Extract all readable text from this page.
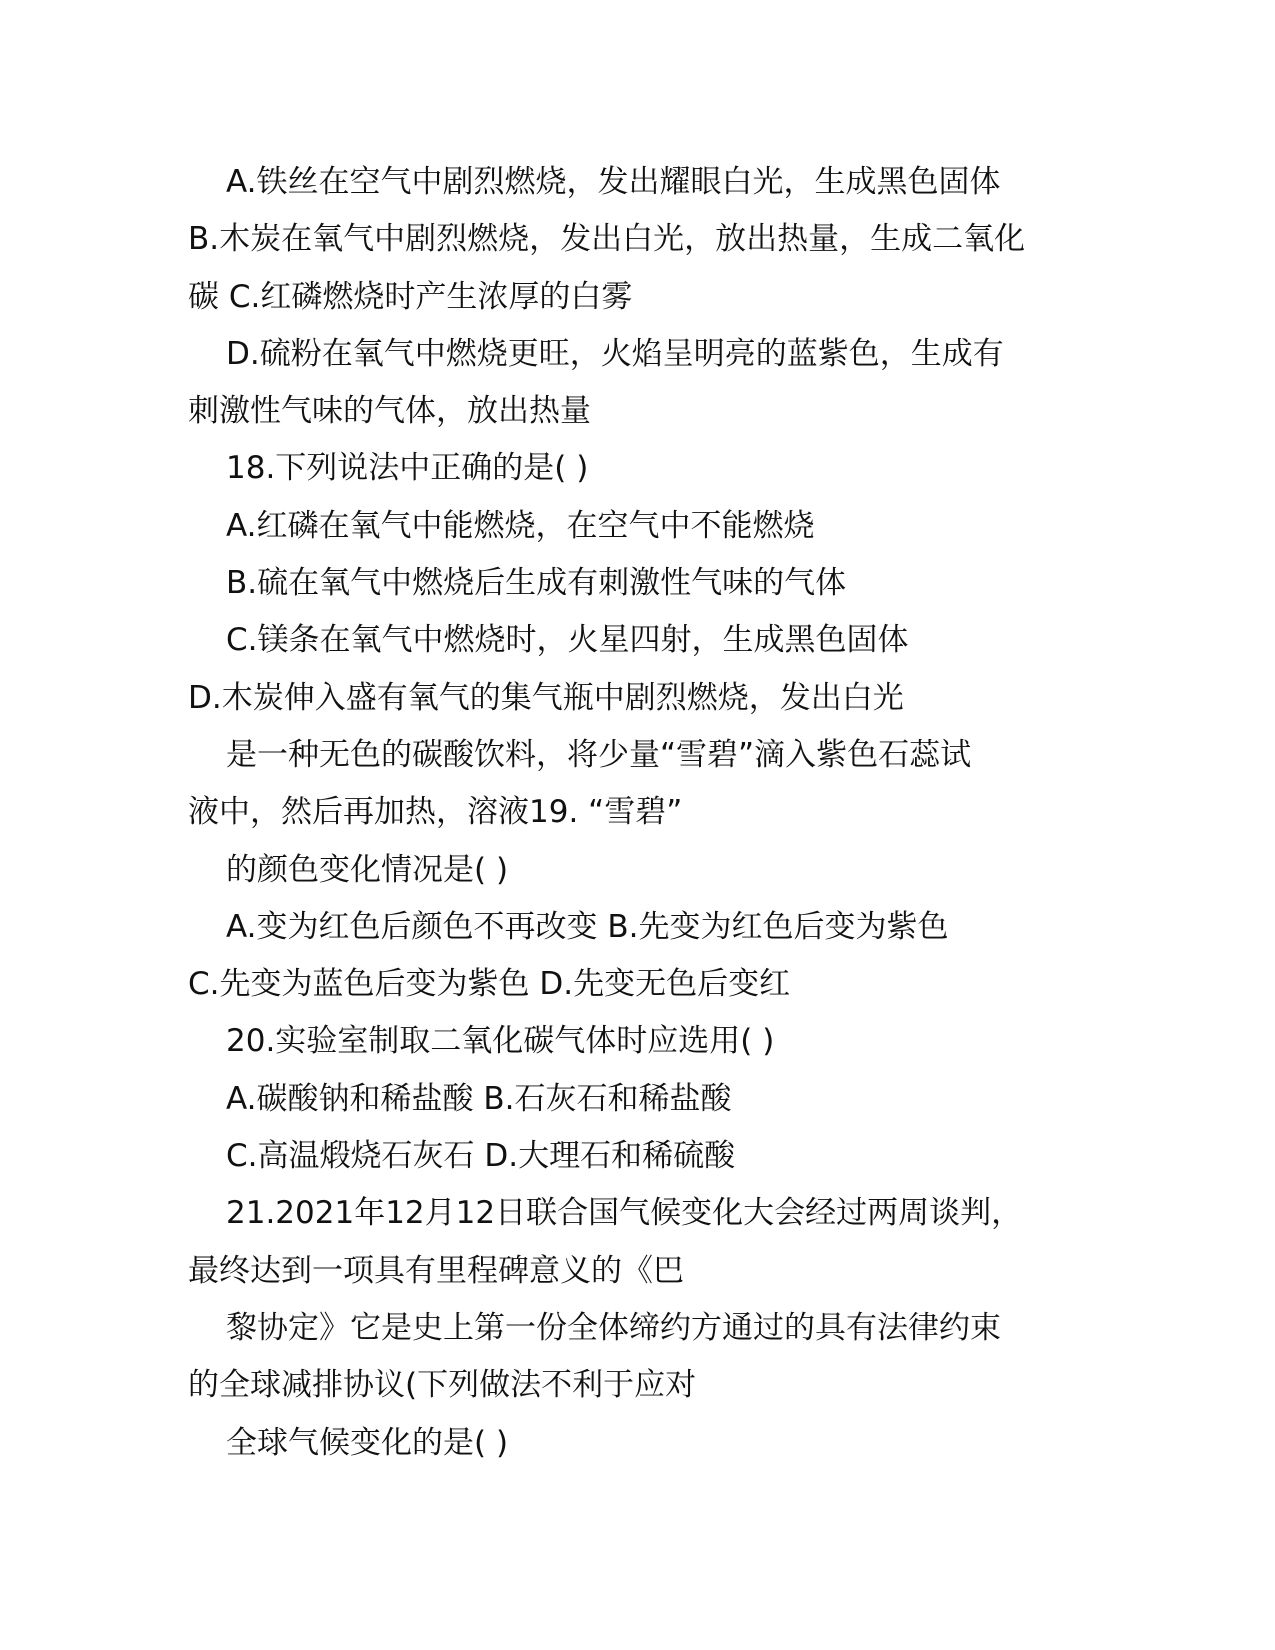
A.铁丝在空气中剧烈燃烧，发出耀眼白光，生成黑色固体
B.木炭在氧气中剧烈燃烧，发出白光，放出热量，生成二氧化
碳 C.红磷燃烧时产生浓厚的白雾
D.硫粉在氧气中燃烧更旺，火焰呈明亮的蓝紫色，生成有
刺激性气味的气体，放出热量
18.下列说法中正确的是( )
A.红磷在氧气中能燃烧，在空气中不能燃烧
B.硫在氧气中燃烧后生成有刺激性气味的气体
C.镁条在氧气中燃烧时，火星四射，生成黑色固体
D.木炭伸入盛有氧气的集气瓶中剧烈燃烧，发出白光
是一种无色的碳酸饮料，将少量“雪碧”滴入紫色石蕊试
液中，然后再加热，溶液19. “雪碧”
的颜色变化情况是( )
A.变为红色后颜色不再改变 B.先变为红色后变为紫色
C.先变为蓝色后变为紫色 D.先变无色后变红
20.实验室制取二氧化碳气体时应选用( )
A.碳酸钠和稀盐酸 B.石灰石和稀盐酸
C.高温煅烧石灰石 D.大理石和稀硫酸
21.2021年12月12日联合国气候变化大会经过两周谈判，
最终达到一项具有里程碑意义的《巴
黎协定》它是史上第一份全体缔约方通过的具有法律约束
的全球减排协议(下列做法不利于应对
全球气候变化的是( )
